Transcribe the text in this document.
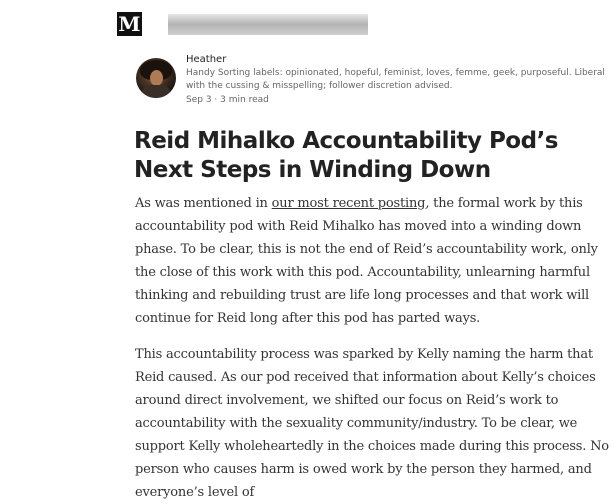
M
Heather
Handy Sorting labels: opinionated, hopeful, feminist, loves, femme, geek, purposeful. Liberal with the cussing & misspelling; follower discretion advised.
Sep 3 · 3 min read
Reid Mihalko Accountability Pod’s Next Steps in Winding Down

As was mentioned in our most recent posting, the formal work by this accountability pod with Reid Mihalko has moved into a winding down phase. To be clear, this is not the end of Reid’s accountability work, only the close of this work with this pod. Accountability, unlearning harmful thinking and rebuilding trust are life long processes and that work will continue for Reid long after this pod has parted ways.

This accountability process was sparked by Kelly naming the harm that Reid caused. As our pod received that information about Kelly’s choices around direct involvement, we shifted our focus on Reid’s work to accountability with the sexuality community/industry. To be clear, we support Kelly wholeheartedly in the choices made during this process. No person who causes harm is owed work by the person they harmed, and everyone’s level of
